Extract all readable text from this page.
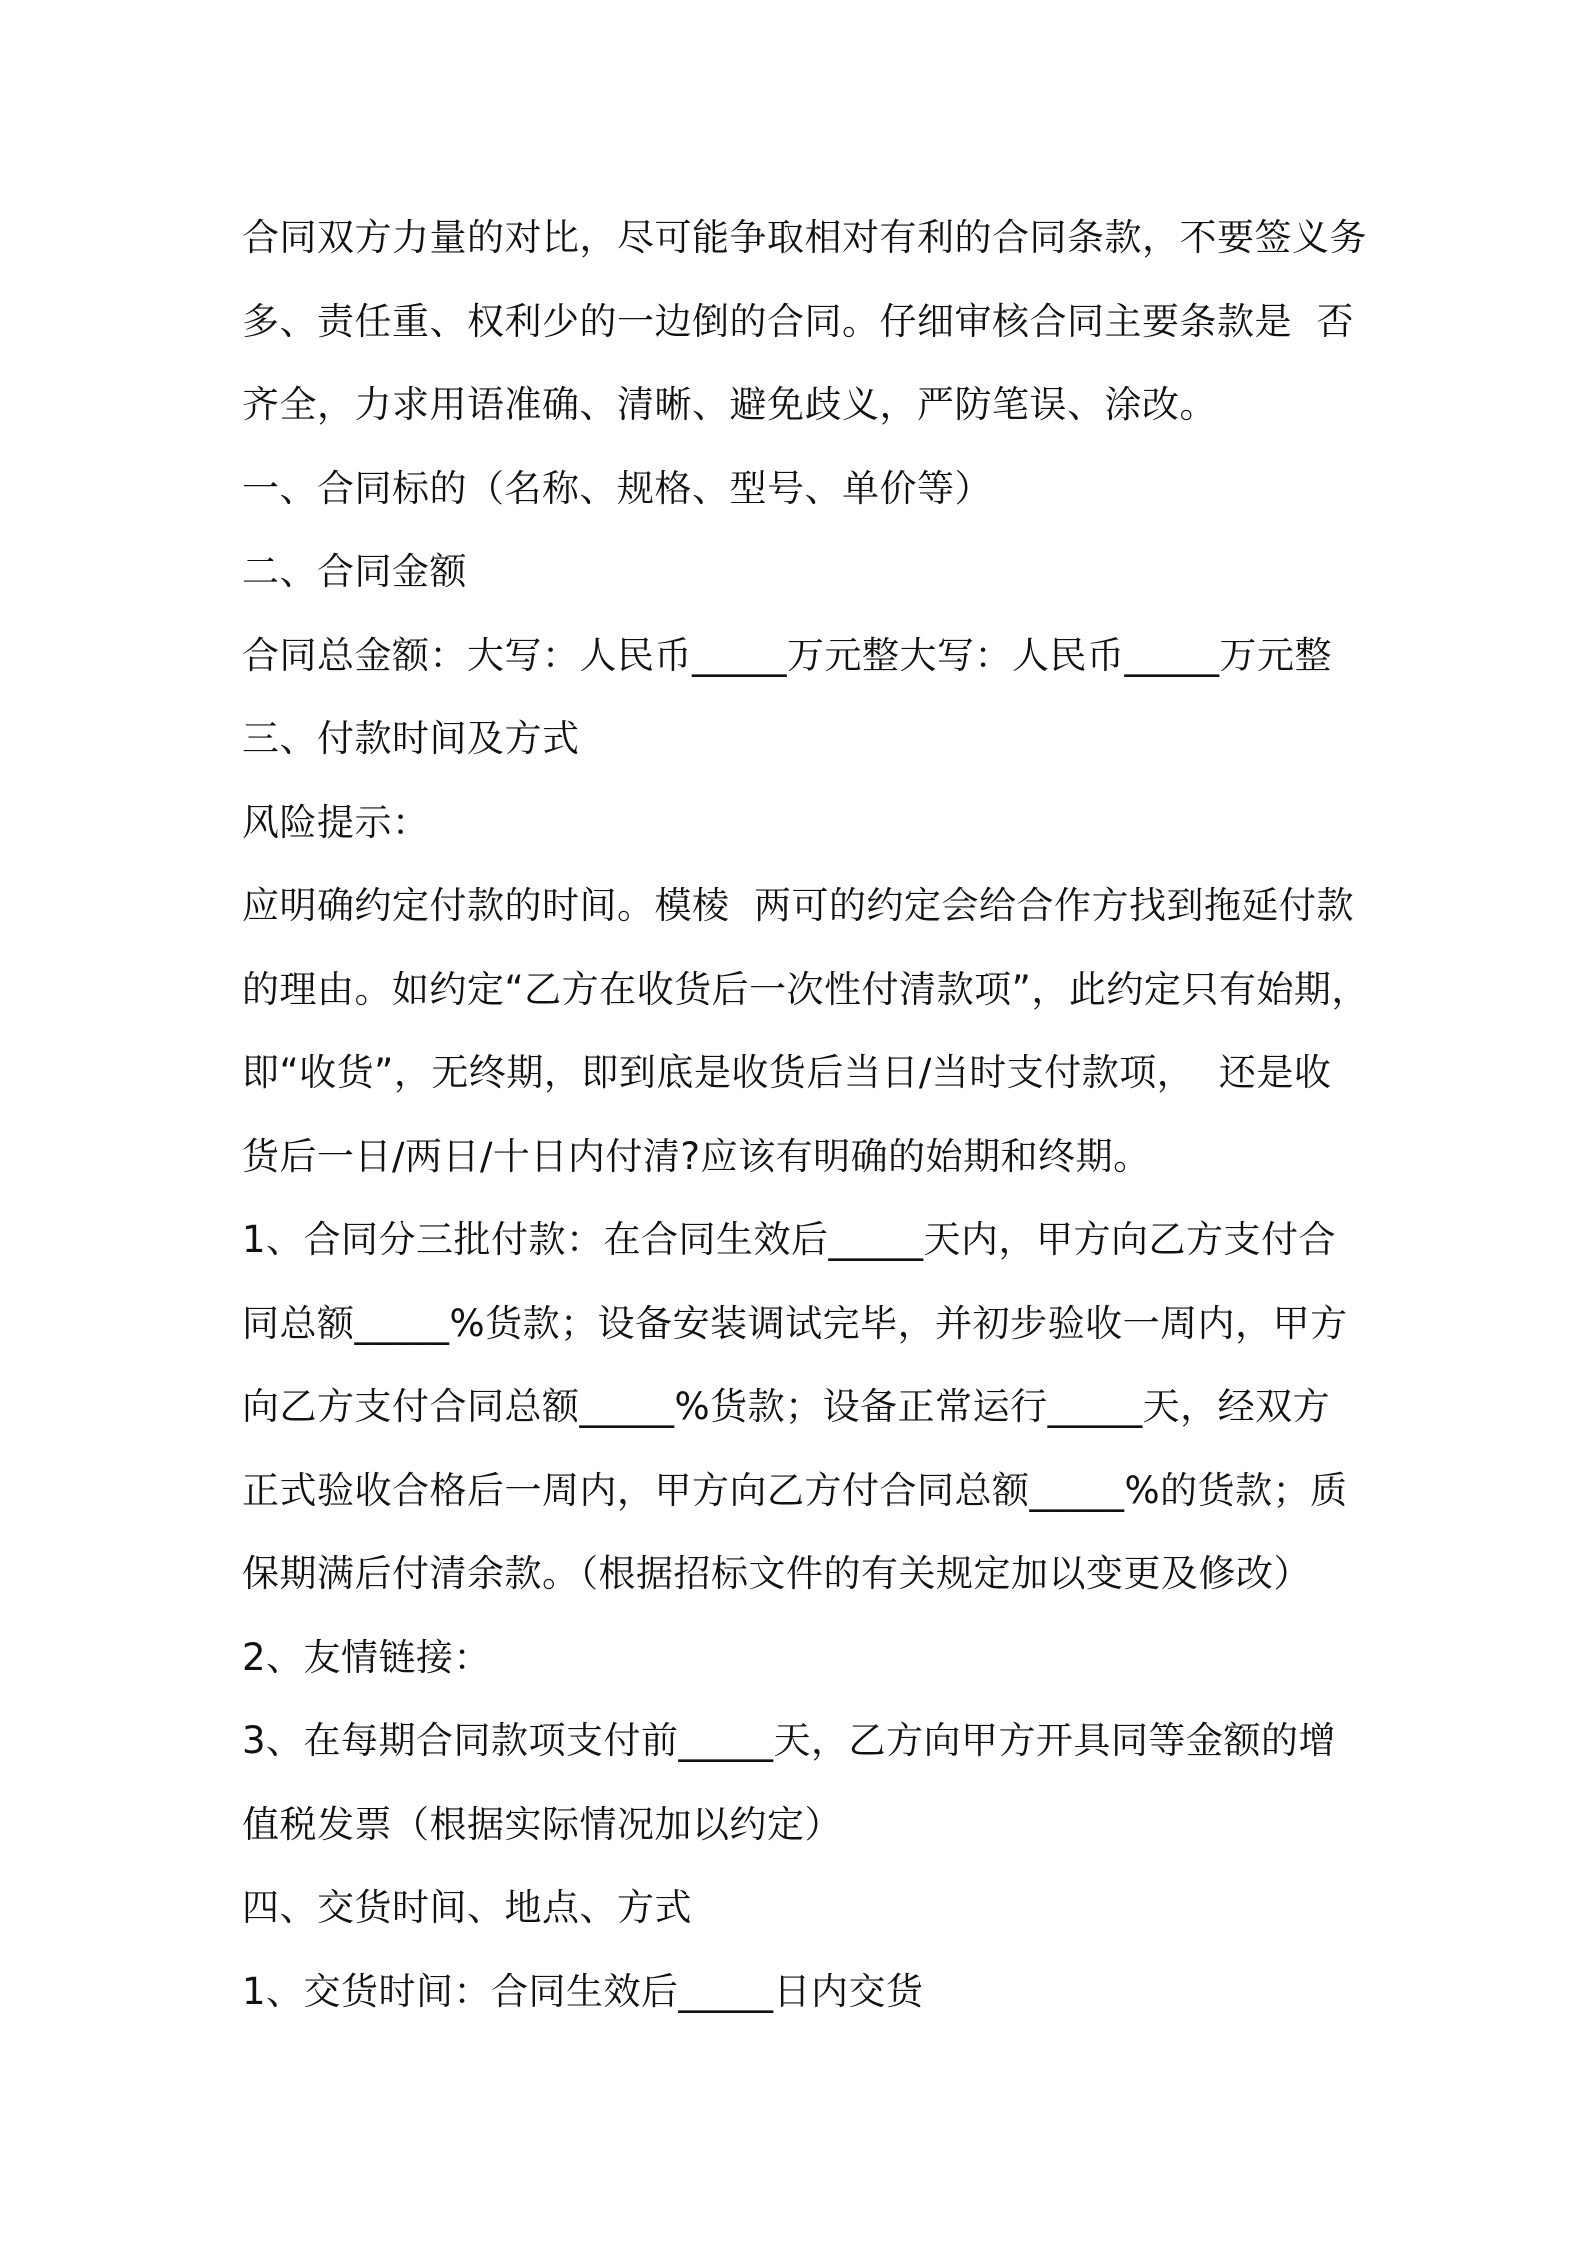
合同双方力量的对比，尽可能争取相对有利的合同条款，不要签义务
多、责任重、权利少的一边倒的合同。仔细审核合同主要条款是  否
齐全，力求用语准确、清晰、避免歧义，严防笔误、涂改。
一、合同标的（名称、规格、型号、单价等）
二、合同金额
合同总金额：大写：人民币_____万元整大写：人民币_____万元整
三、付款时间及方式
风险提示：
应明确约定付款的时间。模棱  两可的约定会给合作方找到拖延付款
的理由。如约定“乙方在收货后一次性付清款项”，此约定只有始期，
即“收货”，无终期，即到底是收货后当日/当时支付款项，  还是收
货后一日/两日/十日内付清?应该有明确的始期和终期。
1、合同分三批付款：在合同生效后_____天内，甲方向乙方支付合
同总额_____%货款；设备安装调试完毕，并初步验收一周内，甲方
向乙方支付合同总额_____%货款；设备正常运行_____天，经双方
正式验收合格后一周内，甲方向乙方付合同总额_____%的货款；质
保期满后付清余款。（根据招标文件的有关规定加以变更及修改）
2、友情链接：
3、在每期合同款项支付前_____天，乙方向甲方开具同等金额的增
值税发票（根据实际情况加以约定）
四、交货时间、地点、方式
1、交货时间：合同生效后_____日内交货
